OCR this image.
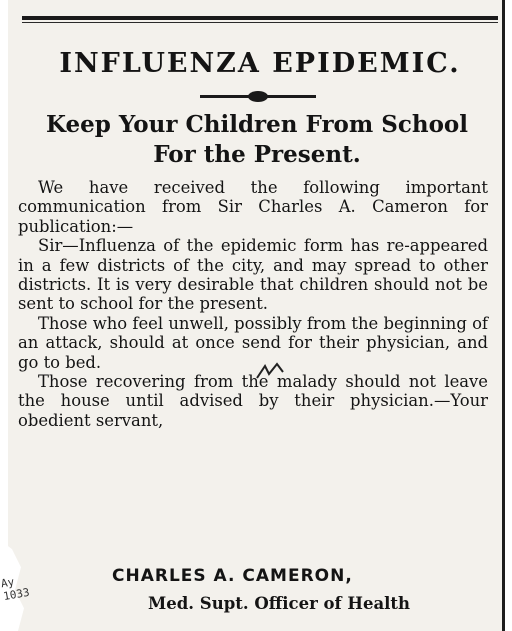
INFLUENZA EPIDEMIC.
Keep Your Children From School
For the Present.

We have received the following important communication from Sir Charles A. Cameron for publication:—

Sir—Influenza of the epidemic form has re-appeared in a few districts of the city, and may spread to other districts. It is very desirable that children should not be sent to school for the present.

Those who feel unwell, possibly from the beginning of an attack, should at once send for their physician, and go to bed.

Those recovering from the malady should not leave the house until advised by their physician.—Your obedient servant,

CHARLES A. CAMERON,
Med. Supt. Officer of Health
Ay
1033
